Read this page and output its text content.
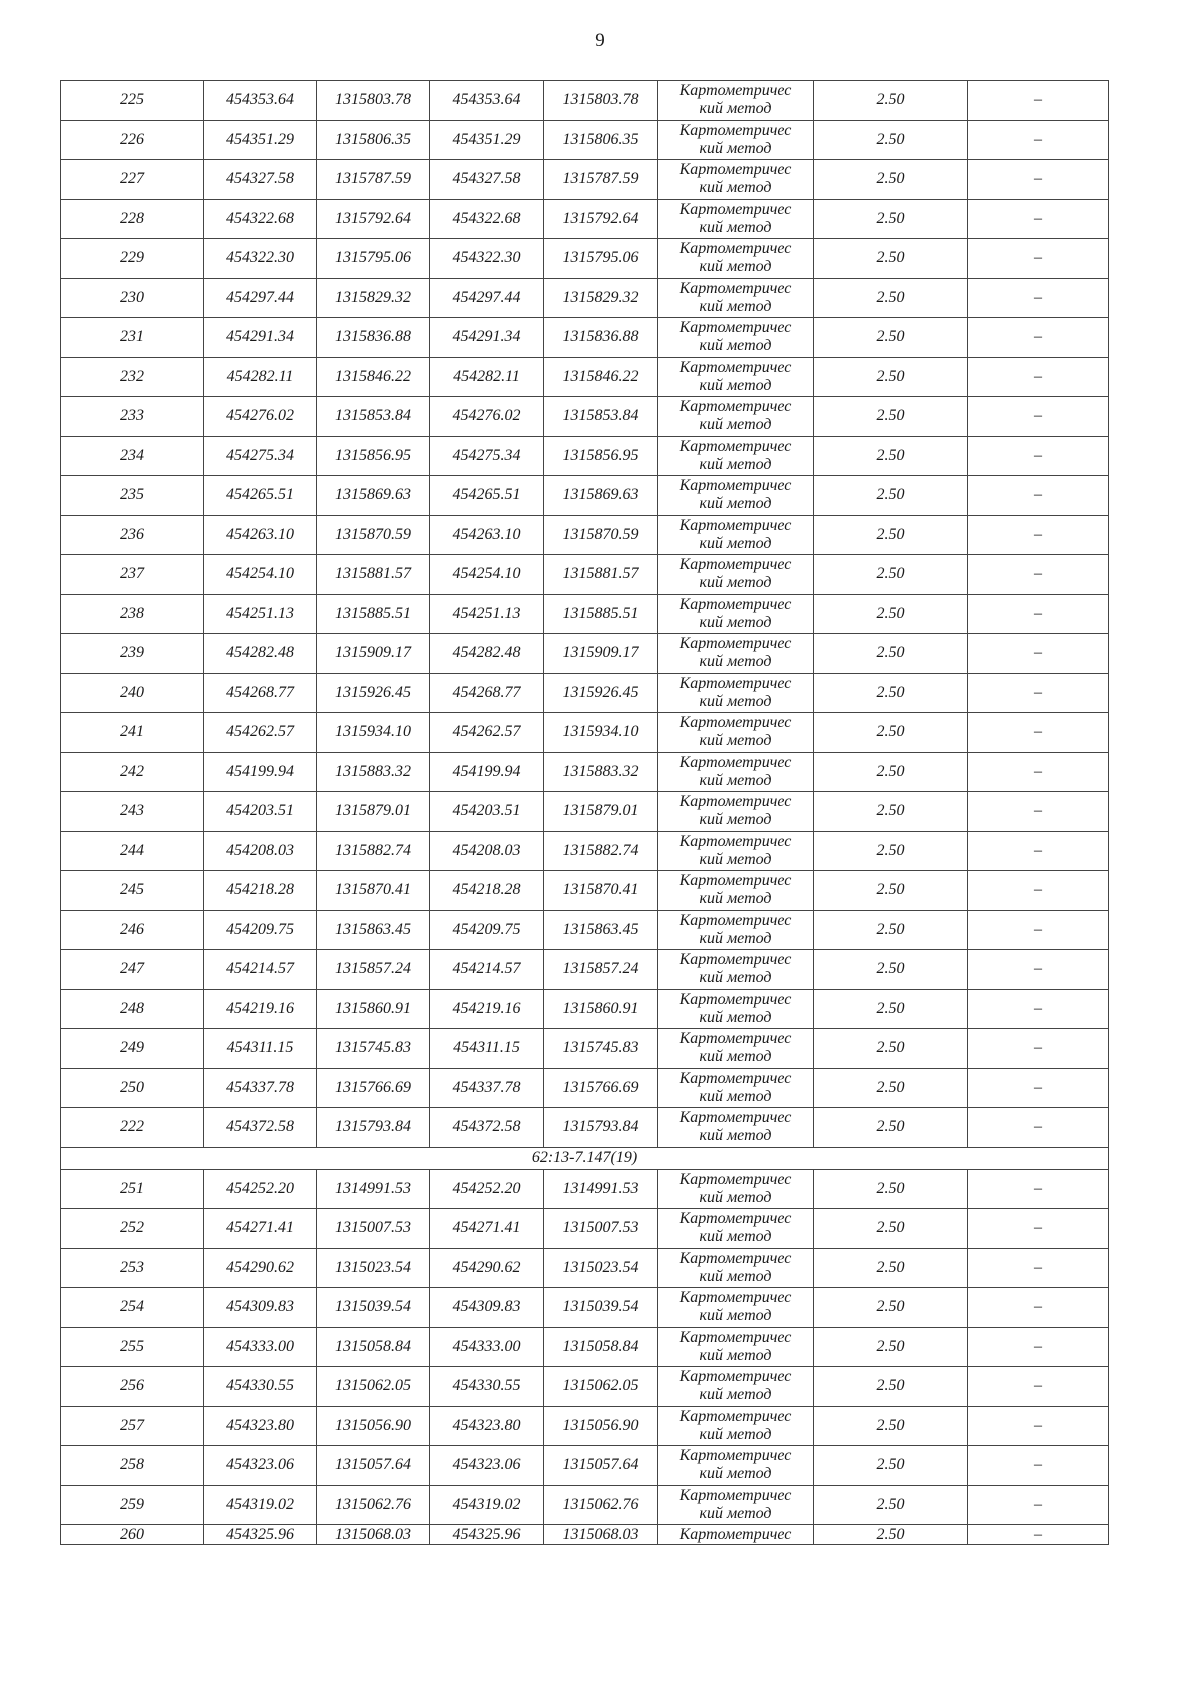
9
225	454353.64	1315803.78	454353.64	1315803.78	Картометричес
кий метод	2.50	–
226	454351.29	1315806.35	454351.29	1315806.35	Картометричес
кий метод	2.50	–
227	454327.58	1315787.59	454327.58	1315787.59	Картометричес
кий метод	2.50	–
228	454322.68	1315792.64	454322.68	1315792.64	Картометричес
кий метод	2.50	–
229	454322.30	1315795.06	454322.30	1315795.06	Картометричес
кий метод	2.50	–
230	454297.44	1315829.32	454297.44	1315829.32	Картометричес
кий метод	2.50	–
231	454291.34	1315836.88	454291.34	1315836.88	Картометричес
кий метод	2.50	–
232	454282.11	1315846.22	454282.11	1315846.22	Картометричес
кий метод	2.50	–
233	454276.02	1315853.84	454276.02	1315853.84	Картометричес
кий метод	2.50	–
234	454275.34	1315856.95	454275.34	1315856.95	Картометричес
кий метод	2.50	–
235	454265.51	1315869.63	454265.51	1315869.63	Картометричес
кий метод	2.50	–
236	454263.10	1315870.59	454263.10	1315870.59	Картометричес
кий метод	2.50	–
237	454254.10	1315881.57	454254.10	1315881.57	Картометричес
кий метод	2.50	–
238	454251.13	1315885.51	454251.13	1315885.51	Картометричес
кий метод	2.50	–
239	454282.48	1315909.17	454282.48	1315909.17	Картометричес
кий метод	2.50	–
240	454268.77	1315926.45	454268.77	1315926.45	Картометричес
кий метод	2.50	–
241	454262.57	1315934.10	454262.57	1315934.10	Картометричес
кий метод	2.50	–
242	454199.94	1315883.32	454199.94	1315883.32	Картометричес
кий метод	2.50	–
243	454203.51	1315879.01	454203.51	1315879.01	Картометричес
кий метод	2.50	–
244	454208.03	1315882.74	454208.03	1315882.74	Картометричес
кий метод	2.50	–
245	454218.28	1315870.41	454218.28	1315870.41	Картометричес
кий метод	2.50	–
246	454209.75	1315863.45	454209.75	1315863.45	Картометричес
кий метод	2.50	–
247	454214.57	1315857.24	454214.57	1315857.24	Картометричес
кий метод	2.50	–
248	454219.16	1315860.91	454219.16	1315860.91	Картометричес
кий метод	2.50	–
249	454311.15	1315745.83	454311.15	1315745.83	Картометричес
кий метод	2.50	–
250	454337.78	1315766.69	454337.78	1315766.69	Картометричес
кий метод	2.50	–
222	454372.58	1315793.84	454372.58	1315793.84	Картометричес
кий метод	2.50	–
62:13-7.147(19)							
251	454252.20	1314991.53	454252.20	1314991.53	Картометричес
кий метод	2.50	–
252	454271.41	1315007.53	454271.41	1315007.53	Картометричес
кий метод	2.50	–
253	454290.62	1315023.54	454290.62	1315023.54	Картометричес
кий метод	2.50	–
254	454309.83	1315039.54	454309.83	1315039.54	Картометричес
кий метод	2.50	–
255	454333.00	1315058.84	454333.00	1315058.84	Картометричес
кий метод	2.50	–
256	454330.55	1315062.05	454330.55	1315062.05	Картометричес
кий метод	2.50	–
257	454323.80	1315056.90	454323.80	1315056.90	Картометричес
кий метод	2.50	–
258	454323.06	1315057.64	454323.06	1315057.64	Картометричес
кий метод	2.50	–
259	454319.02	1315062.76	454319.02	1315062.76	Картометричес
кий метод	2.50	–
260	454325.96	1315068.03	454325.96	1315068.03	Картометричес	2.50	–
